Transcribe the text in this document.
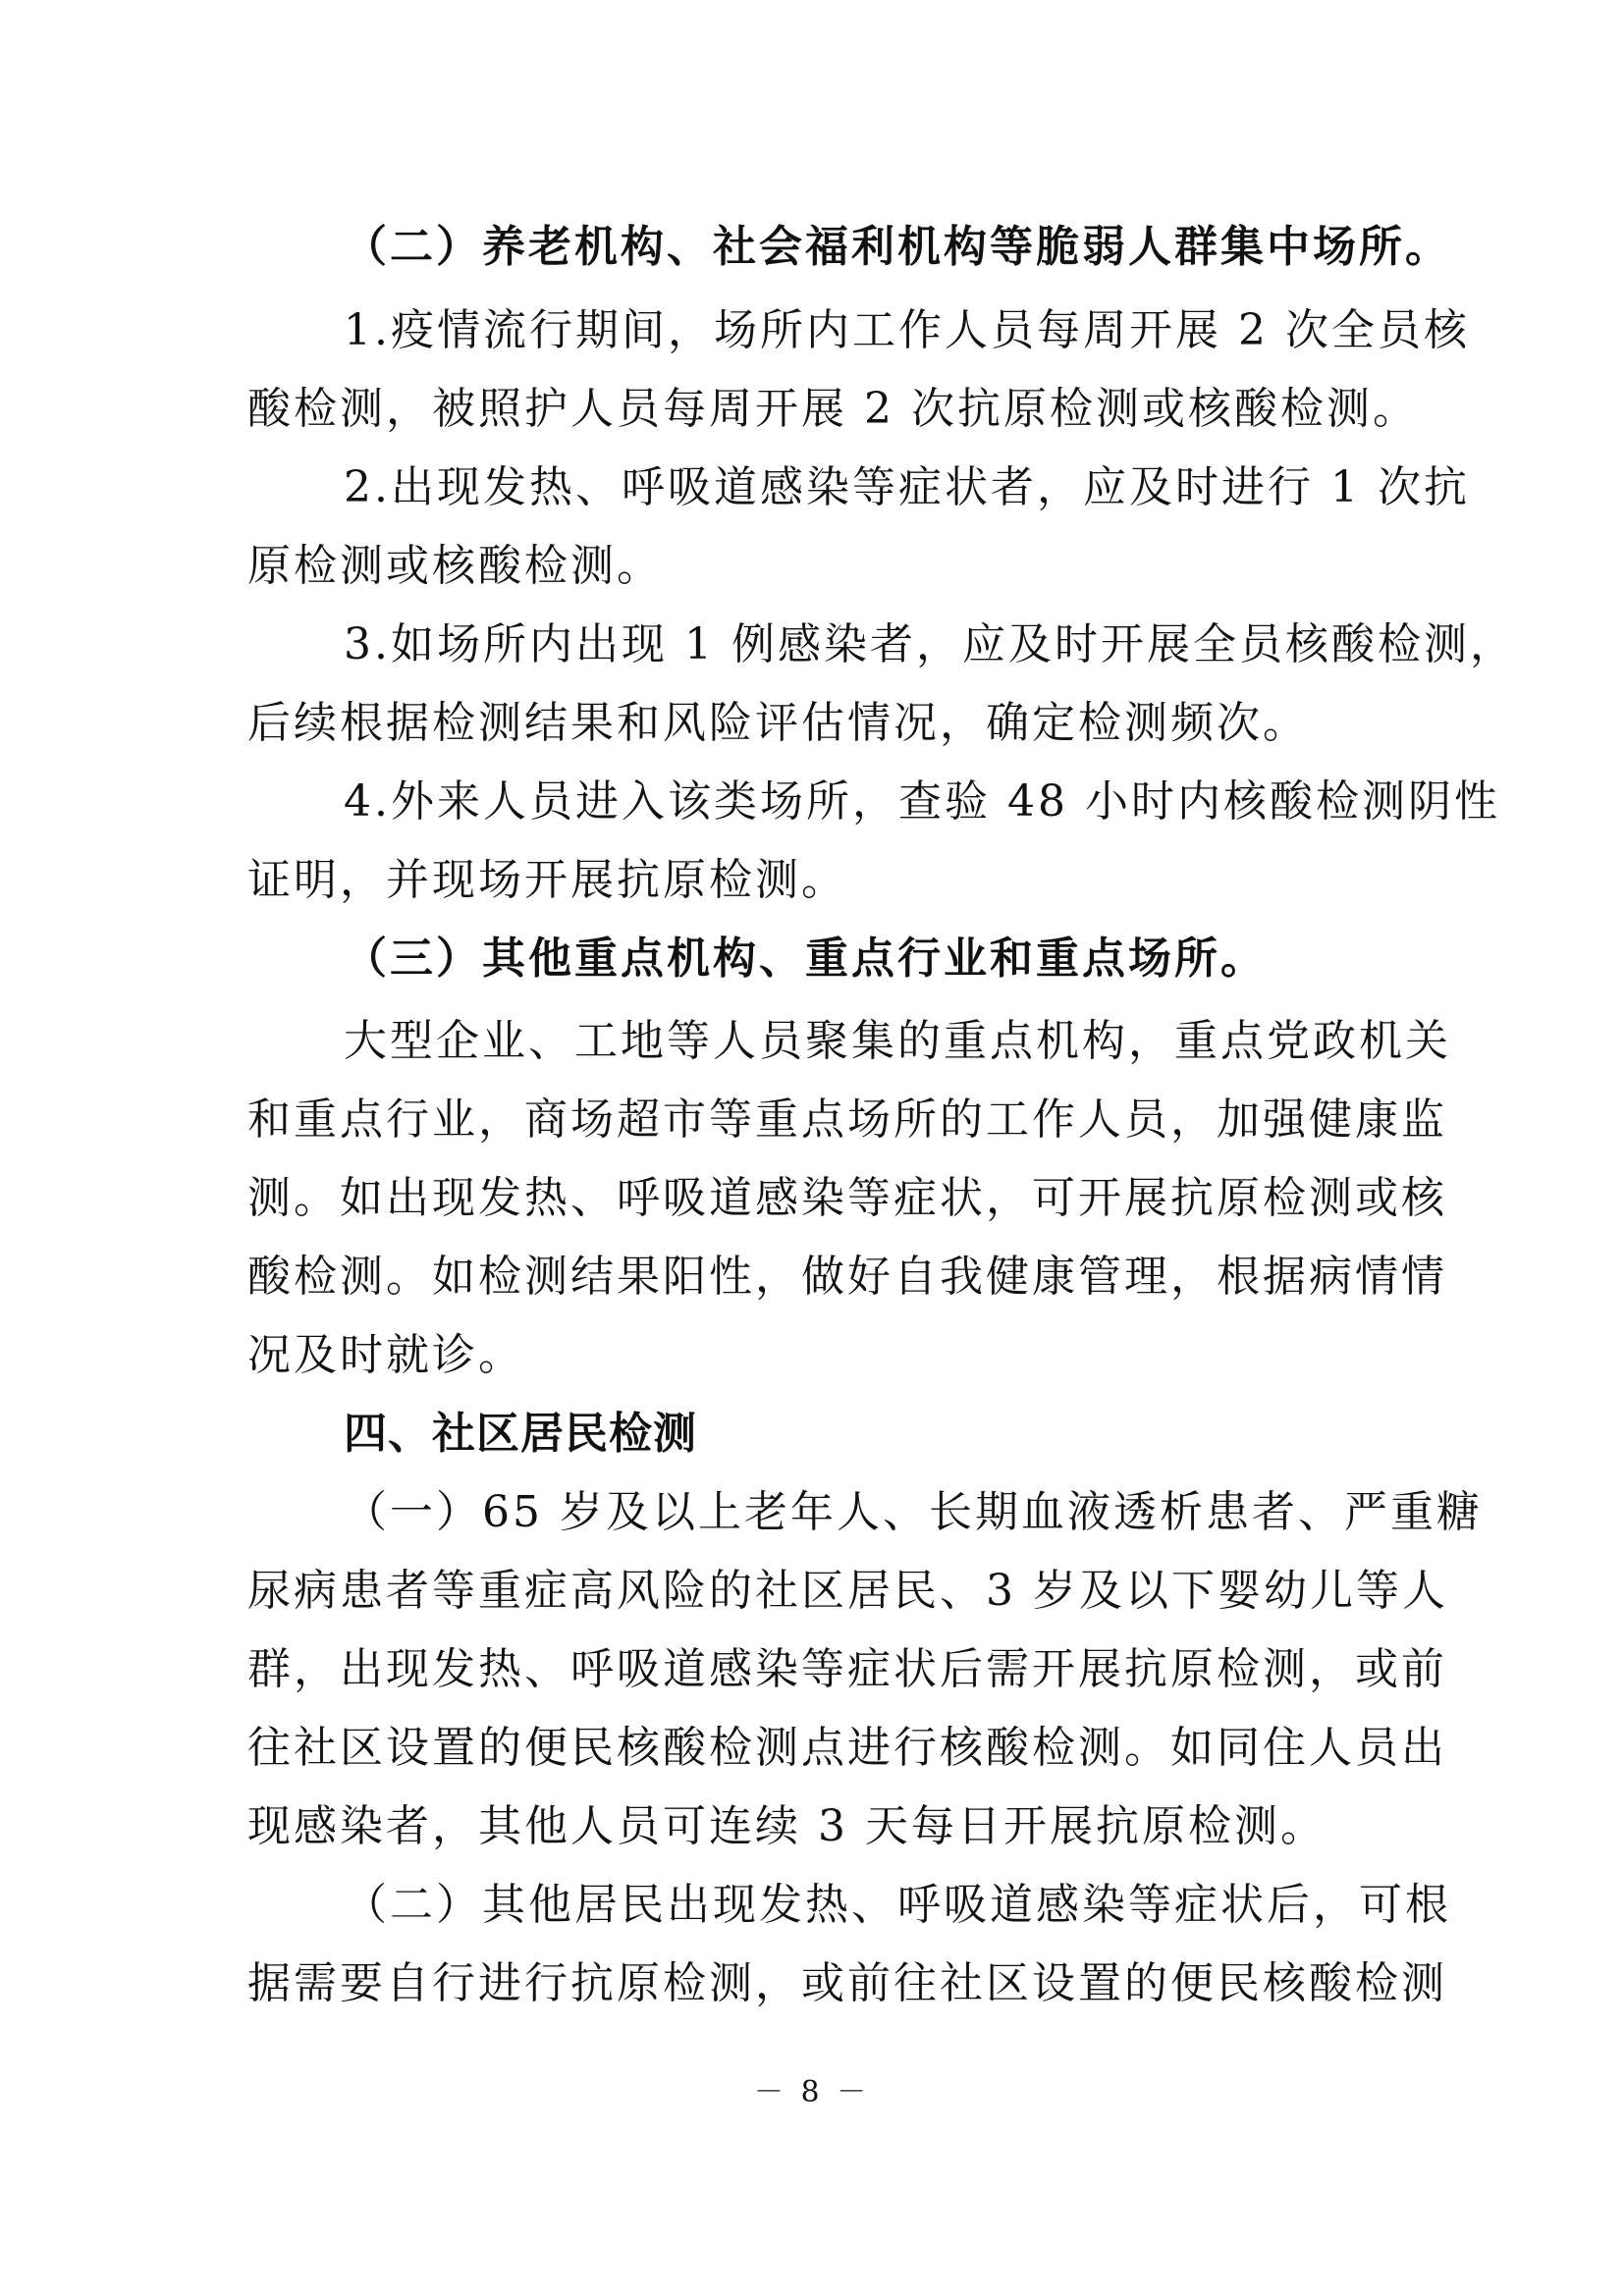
（二）养老机构、社会福利机构等脆弱人群集中场所。
1.疫情流行期间，场所内工作人员每周开展 2 次全员核
酸检测，被照护人员每周开展 2 次抗原检测或核酸检测。
2.出现发热、呼吸道感染等症状者，应及时进行 1 次抗
原检测或核酸检测。
3.如场所内出现 1 例感染者，应及时开展全员核酸检测，
后续根据检测结果和风险评估情况，确定检测频次。
4.外来人员进入该类场所，查验 48 小时内核酸检测阴性
证明，并现场开展抗原检测。
（三）其他重点机构、重点行业和重点场所。
大型企业、工地等人员聚集的重点机构，重点党政机关
和重点行业，商场超市等重点场所的工作人员，加强健康监
测。如出现发热、呼吸道感染等症状，可开展抗原检测或核
酸检测。如检测结果阳性，做好自我健康管理，根据病情情
况及时就诊。
四、社区居民检测
（一）65 岁及以上老年人、长期血液透析患者、严重糖
尿病患者等重症高风险的社区居民、3 岁及以下婴幼儿等人
群，出现发热、呼吸道感染等症状后需开展抗原检测，或前
往社区设置的便民核酸检测点进行核酸检测。如同住人员出
现感染者，其他人员可连续 3 天每日开展抗原检测。
（二）其他居民出现发热、呼吸道感染等症状后，可根
据需要自行进行抗原检测，或前往社区设置的便民核酸检测
－ 8 －
